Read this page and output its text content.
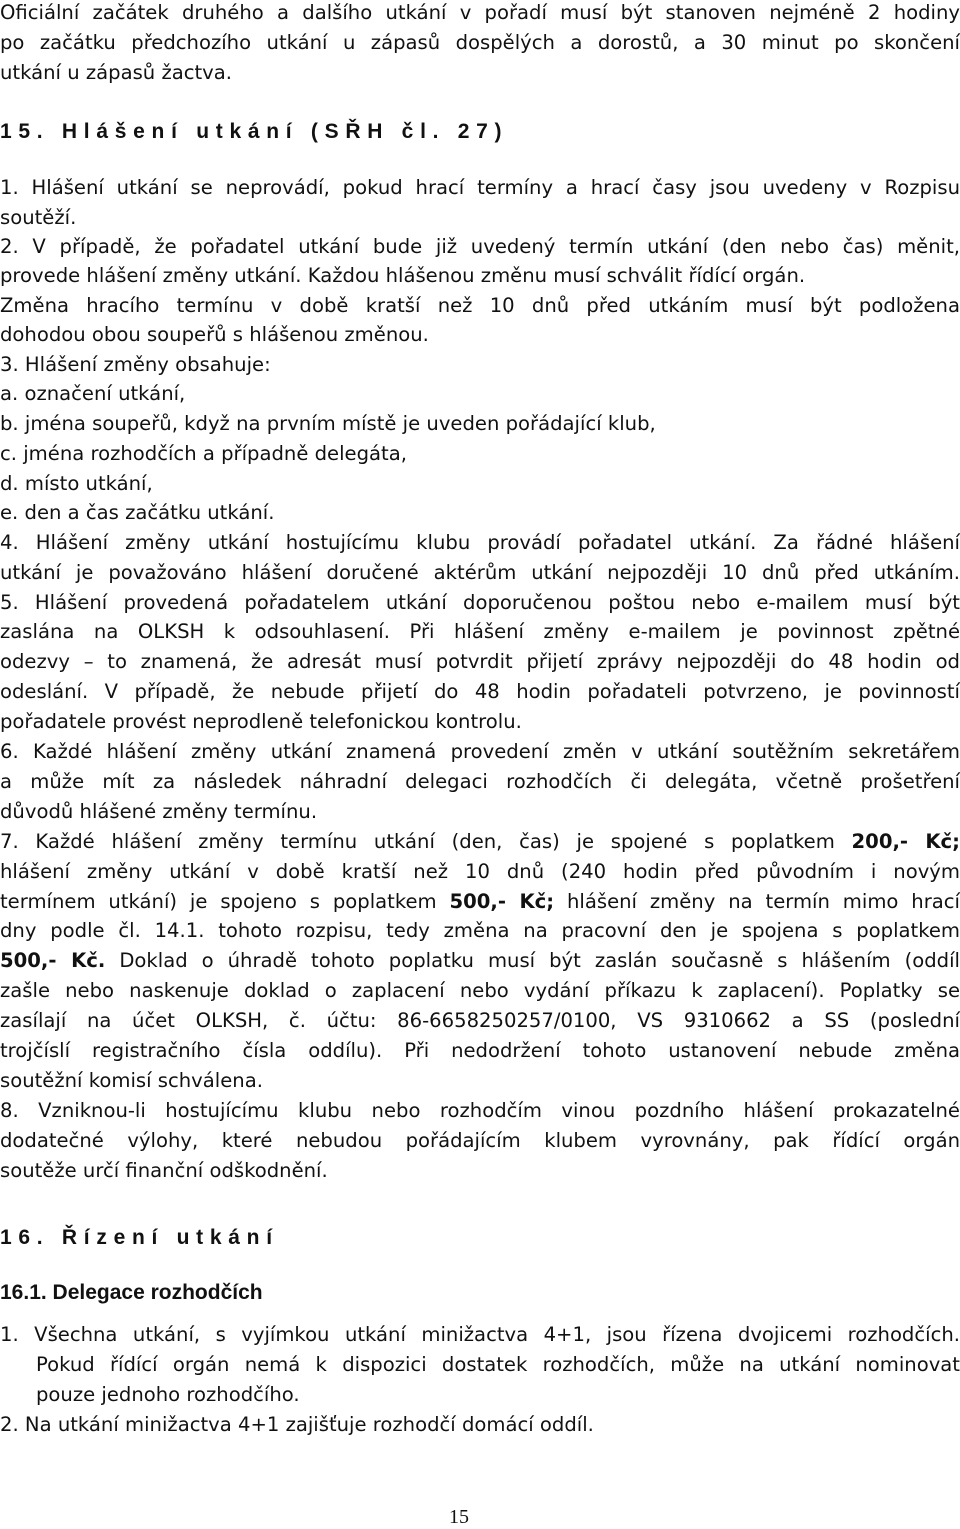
Oficiální začátek druhého a dalšího utkání v pořadí musí být stanoven nejméně 2 hodiny

po začátku předchozího utkání u zápasů dospělých a dorostů, a 30 minut po skončení

utkání u zápasů žactva.

15. Hlášení utkání (SŘH čl. 27)

1. Hlášení utkání se neprovádí, pokud hrací termíny a hrací časy jsou uvedeny v Rozpisu

soutěží.

2. V případě, že pořadatel utkání bude již uvedený termín utkání (den nebo čas) měnit,

provede hlášení změny utkání. Každou hlášenou změnu musí schválit řídící orgán.

Změna hracího termínu v době kratší než 10 dnů před utkáním musí být podložena

dohodou obou soupeřů s hlášenou změnou.

3. Hlášení změny obsahuje:

a. označení utkání,

b. jména soupeřů, když na prvním místě je uveden pořádající klub,

c. jména rozhodčích a případně delegáta,

d. místo utkání,

e. den a čas začátku utkání.

4. Hlášení změny utkání hostujícímu klubu provádí pořadatel utkání. Za řádné hlášení

utkání je považováno hlášení doručené aktérům utkání nejpozději 10 dnů před utkáním.

5. Hlášení provedená pořadatelem utkání doporučenou poštou nebo e-mailem musí být

zaslána na OLKSH k odsouhlasení. Při hlášení změny e-mailem je povinnost zpětné

odezvy – to znamená, že adresát musí potvrdit přijetí zprávy nejpozději do 48 hodin od

odeslání. V případě, že nebude přijetí do 48 hodin pořadateli potvrzeno, je povinností

pořadatele provést neprodleně telefonickou kontrolu.

6. Každé hlášení změny utkání znamená provedení změn v utkání soutěžním sekretářem

a může mít za následek náhradní delegaci rozhodčích či delegáta, včetně prošetření

důvodů hlášené změny termínu.

7. Každé hlášení změny termínu utkání (den, čas) je spojené s poplatkem 200,- Kč;

hlášení změny utkání v době kratší než 10 dnů (240 hodin před původním i novým

termínem utkání) je spojeno s poplatkem 500,- Kč; hlášení změny na termín mimo hrací

dny podle čl. 14.1. tohoto rozpisu, tedy změna na pracovní den je spojena s poplatkem

500,- Kč. Doklad o úhradě tohoto poplatku musí být zaslán současně s hlášením (oddíl

zašle nebo naskenuje doklad o zaplacení nebo vydání příkazu k zaplacení). Poplatky se

zasílají na účet OLKSH, č. účtu: 86-6658250257/0100, VS 9310662 a SS (poslední

trojčíslí registračního čísla oddílu). Při nedodržení tohoto ustanovení nebude změna

soutěžní komisí schválena.

8. Vzniknou-li hostujícímu klubu nebo rozhodčím vinou pozdního hlášení prokazatelné

dodatečné výlohy, které nebudou pořádajícím klubem vyrovnány, pak řídící orgán

soutěže určí finanční odškodnění.

16. Řízení utkání

16.1. Delegace rozhodčích

1. Všechna utkání, s vyjímkou utkání minižactva 4+1, jsou řízena dvojicemi rozhodčích.

Pokud řídící orgán nemá k dispozici dostatek rozhodčích, může na utkání nominovat

pouze jednoho rozhodčího.

2. Na utkání minižactva 4+1 zajišťuje rozhodčí domácí oddíl.

15
